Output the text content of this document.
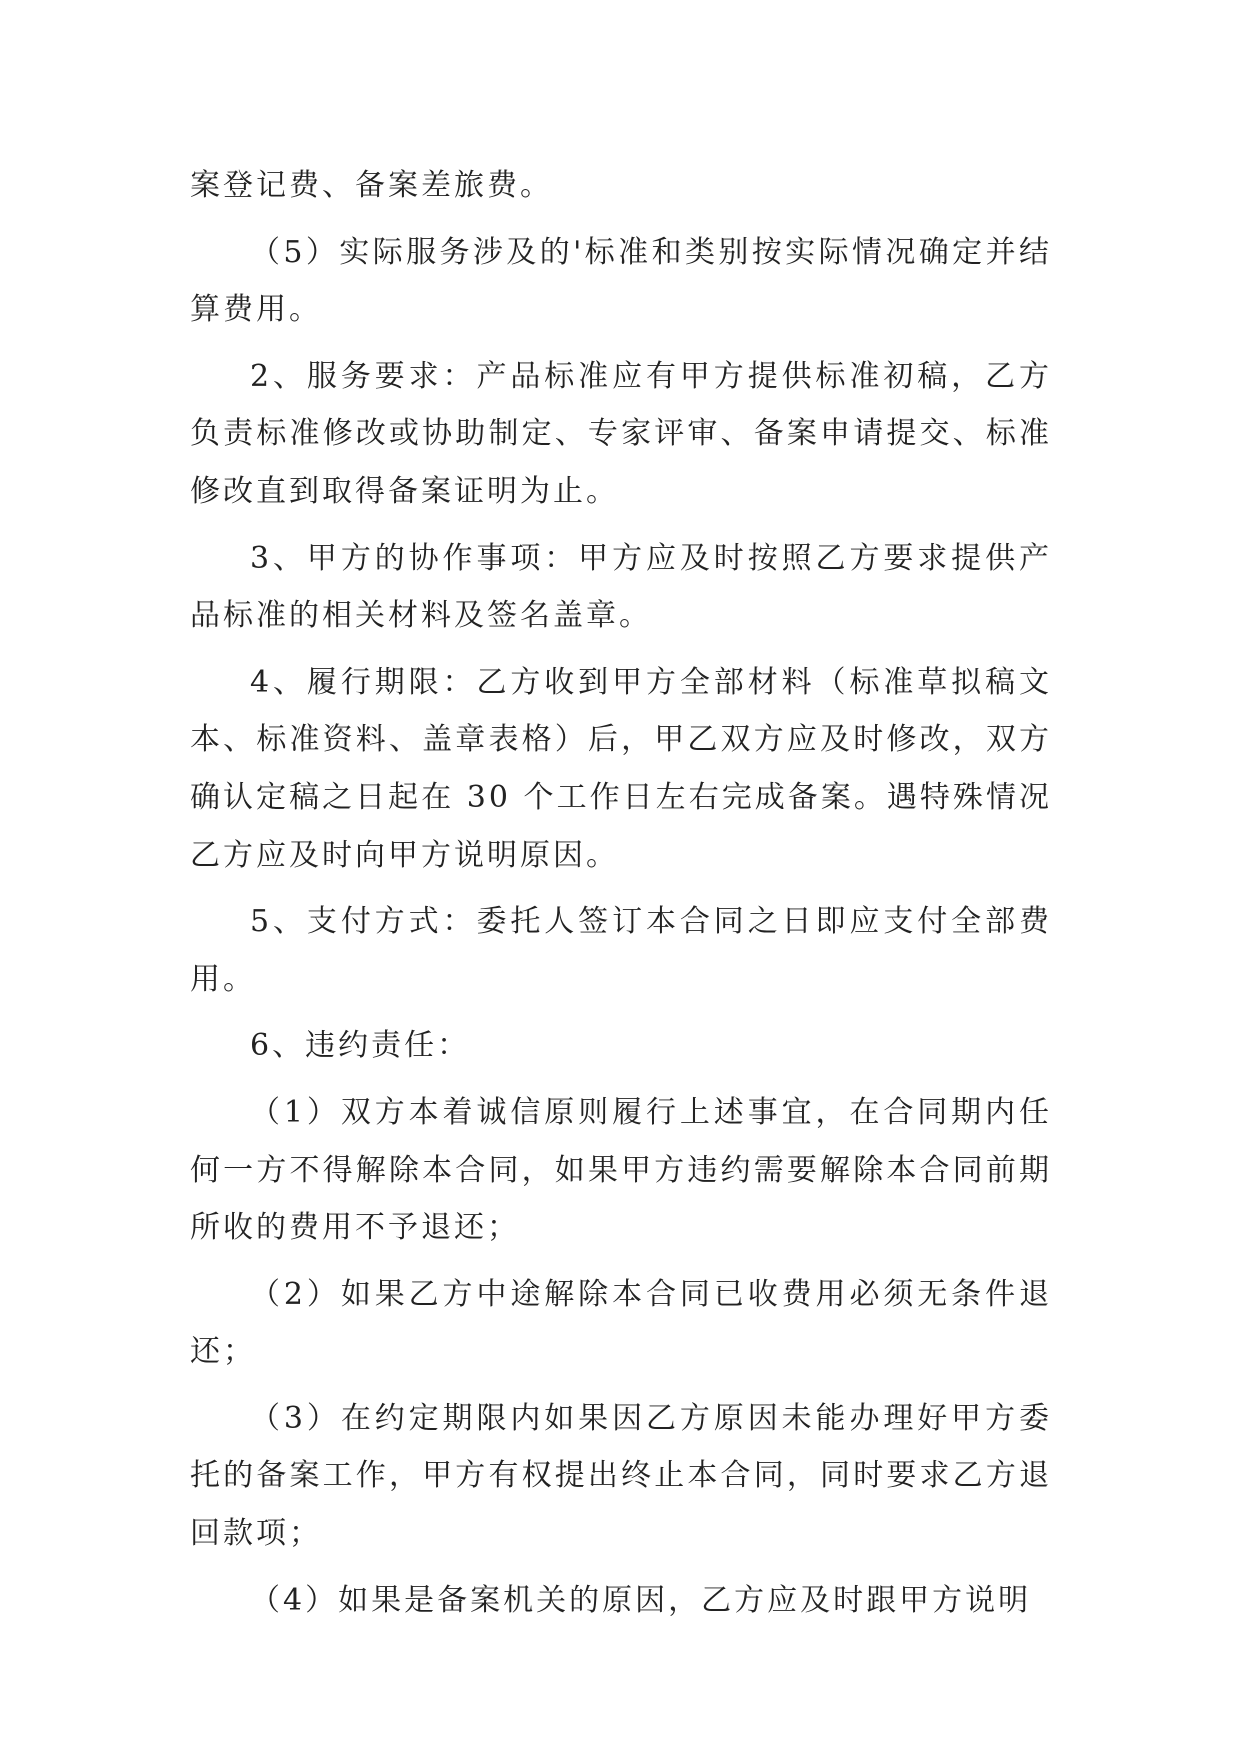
案登记费、备案差旅费。

（5）实际服务涉及的'标准和类别按实际情况确定并结算费用。

2、服务要求：产品标准应有甲方提供标准初稿，乙方负责标准修改或协助制定、专家评审、备案申请提交、标准修改直到取得备案证明为止。

3、甲方的协作事项：甲方应及时按照乙方要求提供产品标准的相关材料及签名盖章。

4、履行期限：乙方收到甲方全部材料（标准草拟稿文本、标准资料、盖章表格）后，甲乙双方应及时修改，双方确认定稿之日起在 30 个工作日左右完成备案。遇特殊情况乙方应及时向甲方说明原因。

5、支付方式：委托人签订本合同之日即应支付全部费用。

6、违约责任：

（1）双方本着诚信原则履行上述事宜，在合同期内任何一方不得解除本合同，如果甲方违约需要解除本合同前期所收的费用不予退还；

（2）如果乙方中途解除本合同已收费用必须无条件退还；

（3）在约定期限内如果因乙方原因未能办理好甲方委托的备案工作，甲方有权提出终止本合同，同时要求乙方退回款项；

（4）如果是备案机关的原因，乙方应及时跟甲方说明
